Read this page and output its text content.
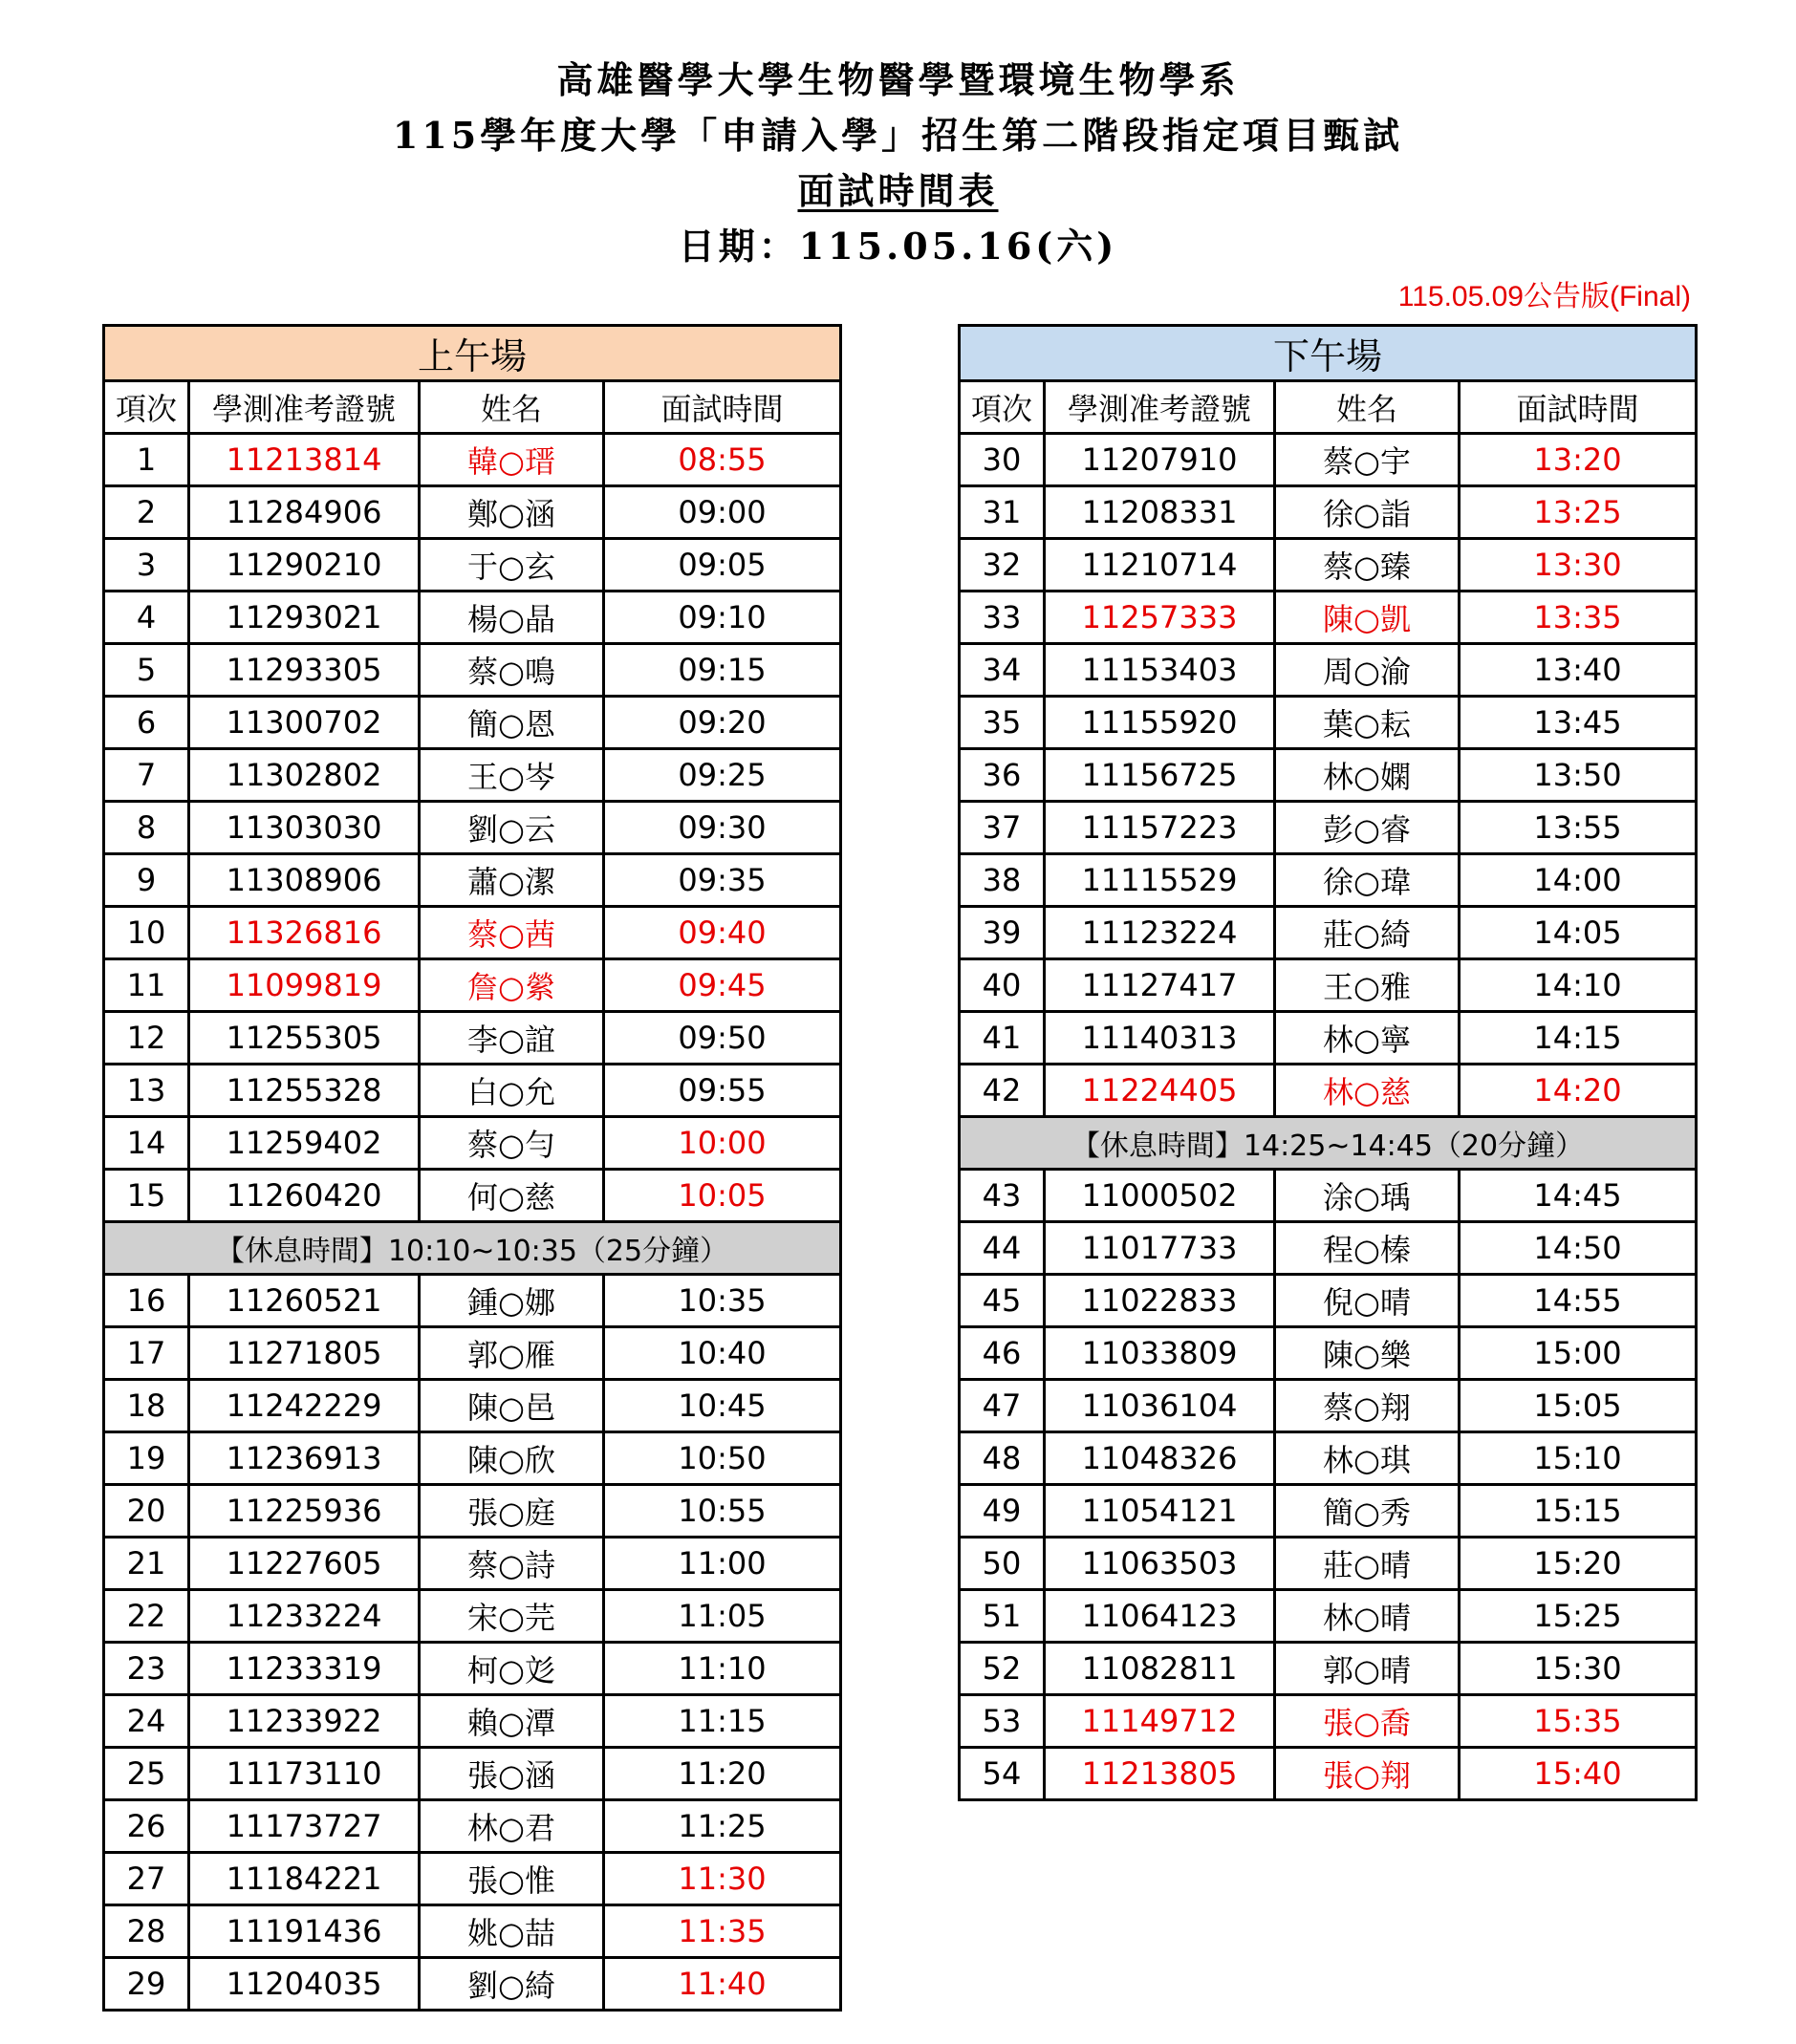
高雄醫學大學生物醫學暨環境生物學系
115學年度大學「申請入學」招生第二階段指定項目甄試
面試時間表
日期：115.05.16(六)
115.05.09公告版(Final)
上午場			
項次	學測准考證號	姓名	面試時間
1	11213814	韓○瑨	08:55
2	11284906	鄭○涵	09:00
3	11290210	于○玄	09:05
4	11293021	楊○晶	09:10
5	11293305	蔡○鳴	09:15
6	11300702	簡○恩	09:20
7	11302802	王○岑	09:25
8	11303030	劉○云	09:30
9	11308906	蕭○潔	09:35
10	11326816	蔡○茜	09:40
11	11099819	詹○縈	09:45
12	11255305	李○誼	09:50
13	11255328	白○允	09:55
14	11259402	蔡○勻	10:00
15	11260420	何○慈	10:05
【休息時間】10:10~10:35（25分鐘）			
16	11260521	鍾○娜	10:35
17	11271805	郭○雁	10:40
18	11242229	陳○邑	10:45
19	11236913	陳○欣	10:50
20	11225936	張○庭	10:55
21	11227605	蔡○詩	11:00
22	11233224	宋○芫	11:05
23	11233319	柯○彣	11:10
24	11233922	賴○潭	11:15
25	11173110	張○涵	11:20
26	11173727	林○君	11:25
27	11184221	張○惟	11:30
28	11191436	姚○喆	11:35
29	11204035	劉○綺	11:40
下午場			
項次	學測准考證號	姓名	面試時間
30	11207910	蔡○宇	13:20
31	11208331	徐○詣	13:25
32	11210714	蔡○臻	13:30
33	11257333	陳○凱	13:35
34	11153403	周○渝	13:40
35	11155920	葉○耘	13:45
36	11156725	林○嫻	13:50
37	11157223	彭○睿	13:55
38	11115529	徐○瑋	14:00
39	11123224	莊○綺	14:05
40	11127417	王○雅	14:10
41	11140313	林○寧	14:15
42	11224405	林○慈	14:20
【休息時間】14:25~14:45（20分鐘）			
43	11000502	涂○瑀	14:45
44	11017733	程○榛	14:50
45	11022833	倪○晴	14:55
46	11033809	陳○樂	15:00
47	11036104	蔡○翔	15:05
48	11048326	林○琪	15:10
49	11054121	簡○秀	15:15
50	11063503	莊○晴	15:20
51	11064123	林○晴	15:25
52	11082811	郭○晴	15:30
53	11149712	張○喬	15:35
54	11213805	張○翔	15:40
